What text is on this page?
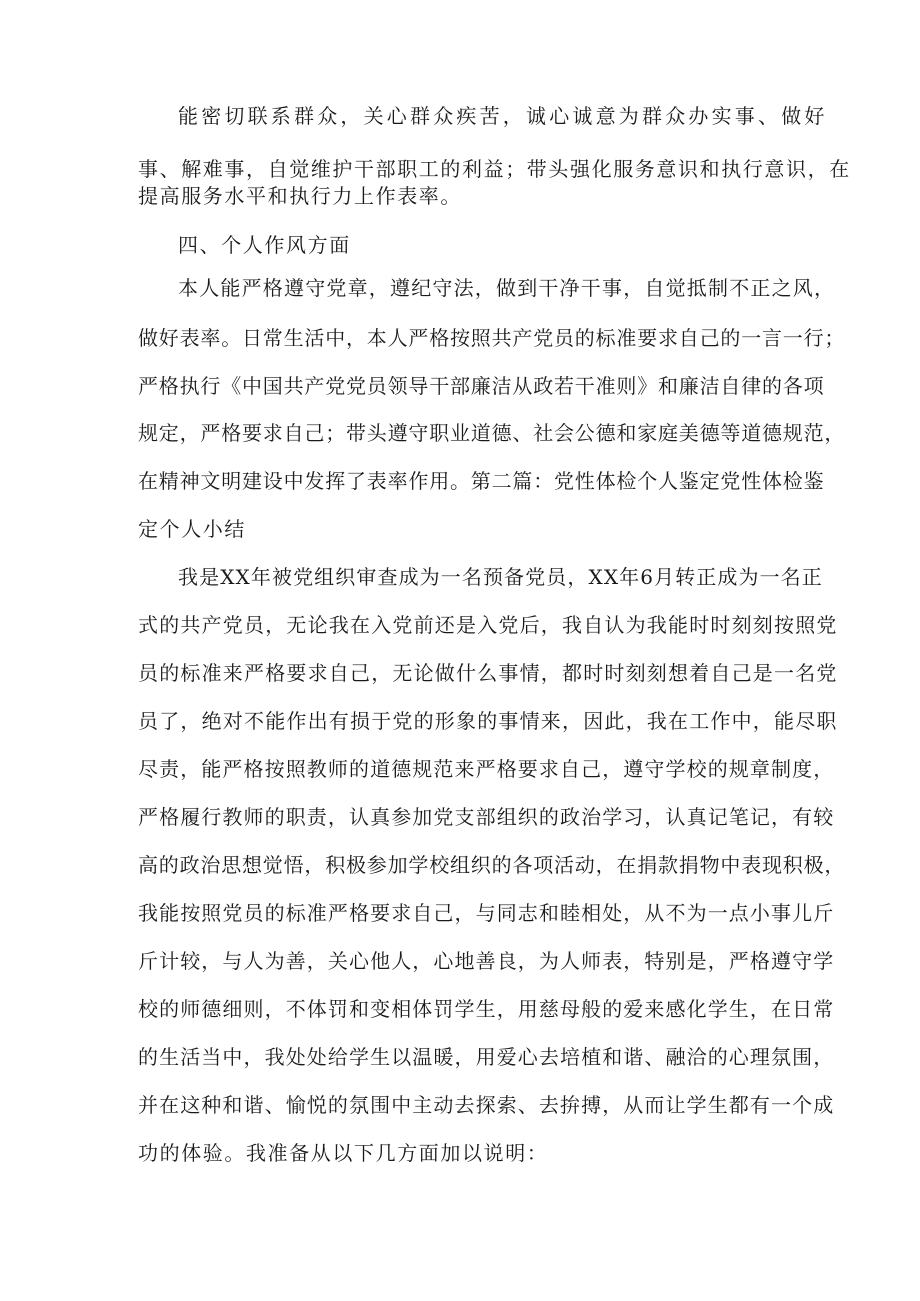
能密切联系群众，关心群众疾苦，诚心诚意为群众办实事、做好
事、解难事，自觉维护干部职工的利益；带头强化服务意识和执行意识，在
提高服务水平和执行力上作表率。
四、个人作风方面
本人能严格遵守党章，遵纪守法，做到干净干事，自觉抵制不正之风，
做好表率。日常生活中，本人严格按照共产党员的标准要求自己的一言一行；
严格执行《中国共产党党员领导干部廉洁从政若干准则》和廉洁自律的各项
规定，严格要求自己；带头遵守职业道德、社会公德和家庭美德等道德规范，
在精神文明建设中发挥了表率作用。第二篇：党性体检个人鉴定党性体检鉴
定个人小结
我是XX年被党组织审查成为一名预备党员，XX年6月转正成为一名正
式的共产党员，无论我在入党前还是入党后，我自认为我能时时刻刻按照党
员的标准来严格要求自己，无论做什么事情，都时时刻刻想着自己是一名党
员了，绝对不能作出有损于党的形象的事情来，因此，我在工作中，能尽职
尽责，能严格按照教师的道德规范来严格要求自己，遵守学校的规章制度，
严格履行教师的职责，认真参加党支部组织的政治学习，认真记笔记，有较
高的政治思想觉悟，积极参加学校组织的各项活动，在捐款捐物中表现积极，
我能按照党员的标准严格要求自己，与同志和睦相处，从不为一点小事儿斤
斤计较，与人为善，关心他人，心地善良，为人师表，特别是，严格遵守学
校的师德细则，不体罚和变相体罚学生，用慈母般的爱来感化学生，在日常
的生活当中，我处处给学生以温暖，用爱心去培植和谐、融洽的心理氛围，
并在这种和谐、愉悦的氛围中主动去探索、去拚搏，从而让学生都有一个成
功的体验。我准备从以下几方面加以说明：
